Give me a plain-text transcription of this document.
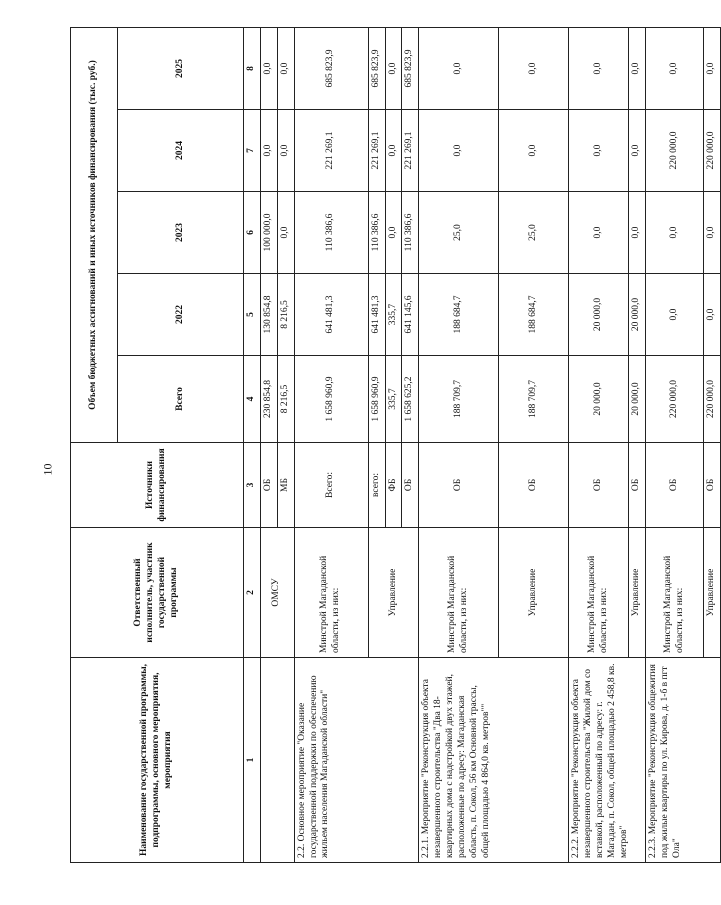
10
Наименование государственной программы, подпрограммы, основного мероприятия, мероприятия	Ответственный исполнитель, участник государственной программы	Источники финансирования	Объем бюджетных ассигнований и иных источников финансирования (тыс. руб.)				
			Всего	2022	2023	2024	2025
1	2	3	4	5	6	7	8
	ОМСУ	ОБ	230 854,8	130 854,8	100 000,0	0,0	0,0
		МБ	8 216,5	8 216,5	0,0	0,0	0,0
2.2. Основное мероприятие "Оказание государственной поддержки по обеспечению жильем населения Магаданской области"	Минстрой Магаданской области, из них:	Всего:	1 658 960,9	641 481,3	110 386,6	221 269,1	685 823,9
	Управление	всего:	1 658 960,9	641 481,3	110 386,6	221 269,1	685 823,9
		ФБ	335,7	335,7	0,0	0,0	0,0
		ОБ	1 658 625,2	641 145,6	110 386,6	221 269,1	685 823,9
2.2.1. Мероприятие "Реконструкция объекта незавершенного строительства "Два 18-квартирных дома с надстройкой двух этажей, расположенные по адресу: Магаданская область, п. Сокол, 56 км Основной трассы, общей площадью 4 864,0 кв. метров""	Минстрой Магаданской области, из них:	ОБ	188 709,7	188 684,7	25,0	0,0	0,0
	Управление	ОБ	188 709,7	188 684,7	25,0	0,0	0,0
2.2.2. Мероприятие "Реконструкция объекта незавершенного строительства "Жилой дом со вставкой, расположенный по адресу: г. Магадан, п. Сокол, общей площадью 2 458,8 кв. метров"	Минстрой Магаданской области, из них:	ОБ	20 000,0	20 000,0	0,0	0,0	0,0
	Управление	ОБ	20 000,0	20 000,0	0,0	0,0	0,0
2.2.3. Мероприятие "Реконструкция общежития под жилые квартиры по ул. Кирова, д. 1-б в пгт Ола"	Минстрой Магаданской области, из них:	ОБ	220 000,0	0,0	0,0	220 000,0	0,0
	Управление	ОБ	220 000,0	0,0	0,0	220 000,0	0,0
